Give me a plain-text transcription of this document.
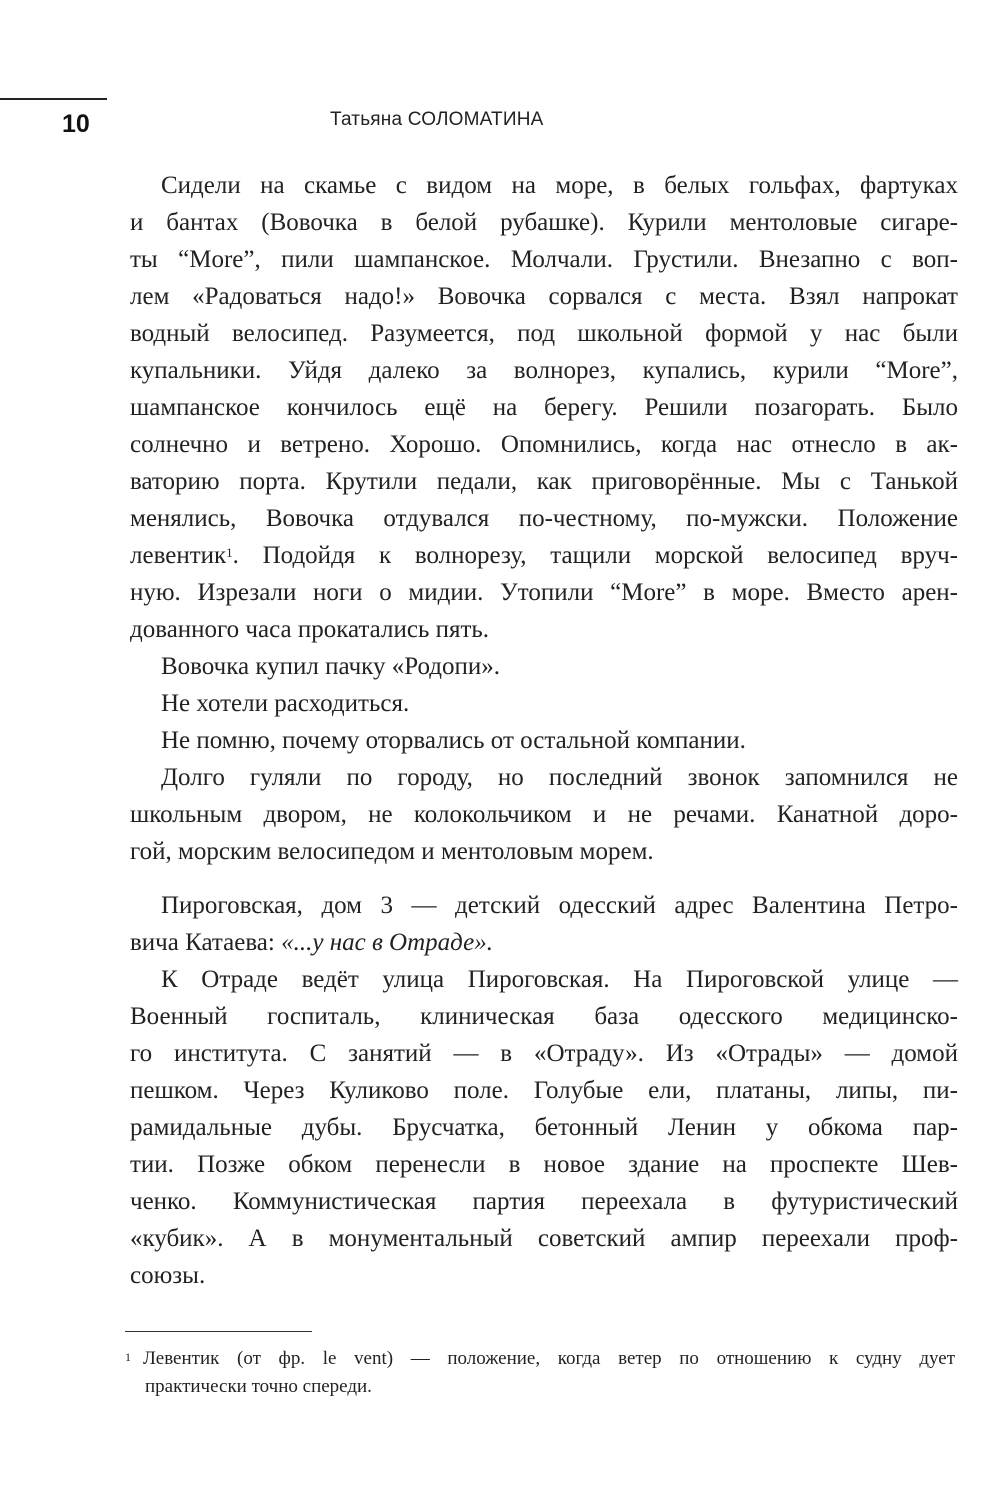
10	Татьяна СОЛОМАТИНА
Сидели на скамье с видом на море, в белых гольфах, фартуках
и бантах (Вовочка в белой рубашке). Курили ментоловые сигаре-
ты “More”, пили шампанское. Молчали. Грустили. Внезапно с воп-
лем «Радоваться надо!» Вовочка сорвался с места. Взял напрокат
водный велосипед. Разумеется, под школьной формой у нас были
купальники. Уйдя далеко за волнорез, купались, курили “More”,
шампанское кончилось ещё на берегу. Решили позагорать. Было
солнечно и ветрено. Хорошо. Опомнились, когда нас отнесло в ак-
ваторию порта. Крутили педали, как приговорённые. Мы с Танькой
менялись, Вовочка отдувался по-честному, по-мужски. Положение
левентик$^1$. Подойдя к волнорезу, тащили морской велосипед вруч-
ную. Изрезали ноги о мидии. Утопили “More” в море. Вместо арен-
дованного часа прокатались пять.
Вовочка купил пачку «Родопи».
Не хотели расходиться.
Не помню, почему оторвались от остальной компании.
Долго гуляли по городу, но последний звонок запомнился не
школьным двором, не колокольчиком и не речами. Канатной доро-
гой, морским велосипедом и ментоловым морем.
Пироговская, дом 3 — детский одесский адрес Валентина Петро-
вича Катаева: «...у нас в Отраде».
К Отраде ведёт улица Пироговская. На Пироговской улице —
Военный госпиталь, клиническая база одесского медицинско-
го института. С занятий — в «Отраду». Из «Отрады» — домой
пешком. Через Куликово поле. Голубые ели, платаны, липы, пи-
рамидальные дубы. Брусчатка, бетонный Ленин у обкома пар-
тии. Позже обком перенесли в новое здание на проспекте Шев-
ченко. Коммунистическая партия переехала в футуристический
«кубик». А в монументальный советский ампир переехали проф-
союзы.
1 Левентик (от фр. le vent) — положение, когда ветер по отношению к судну дует
практически точно спереди.
